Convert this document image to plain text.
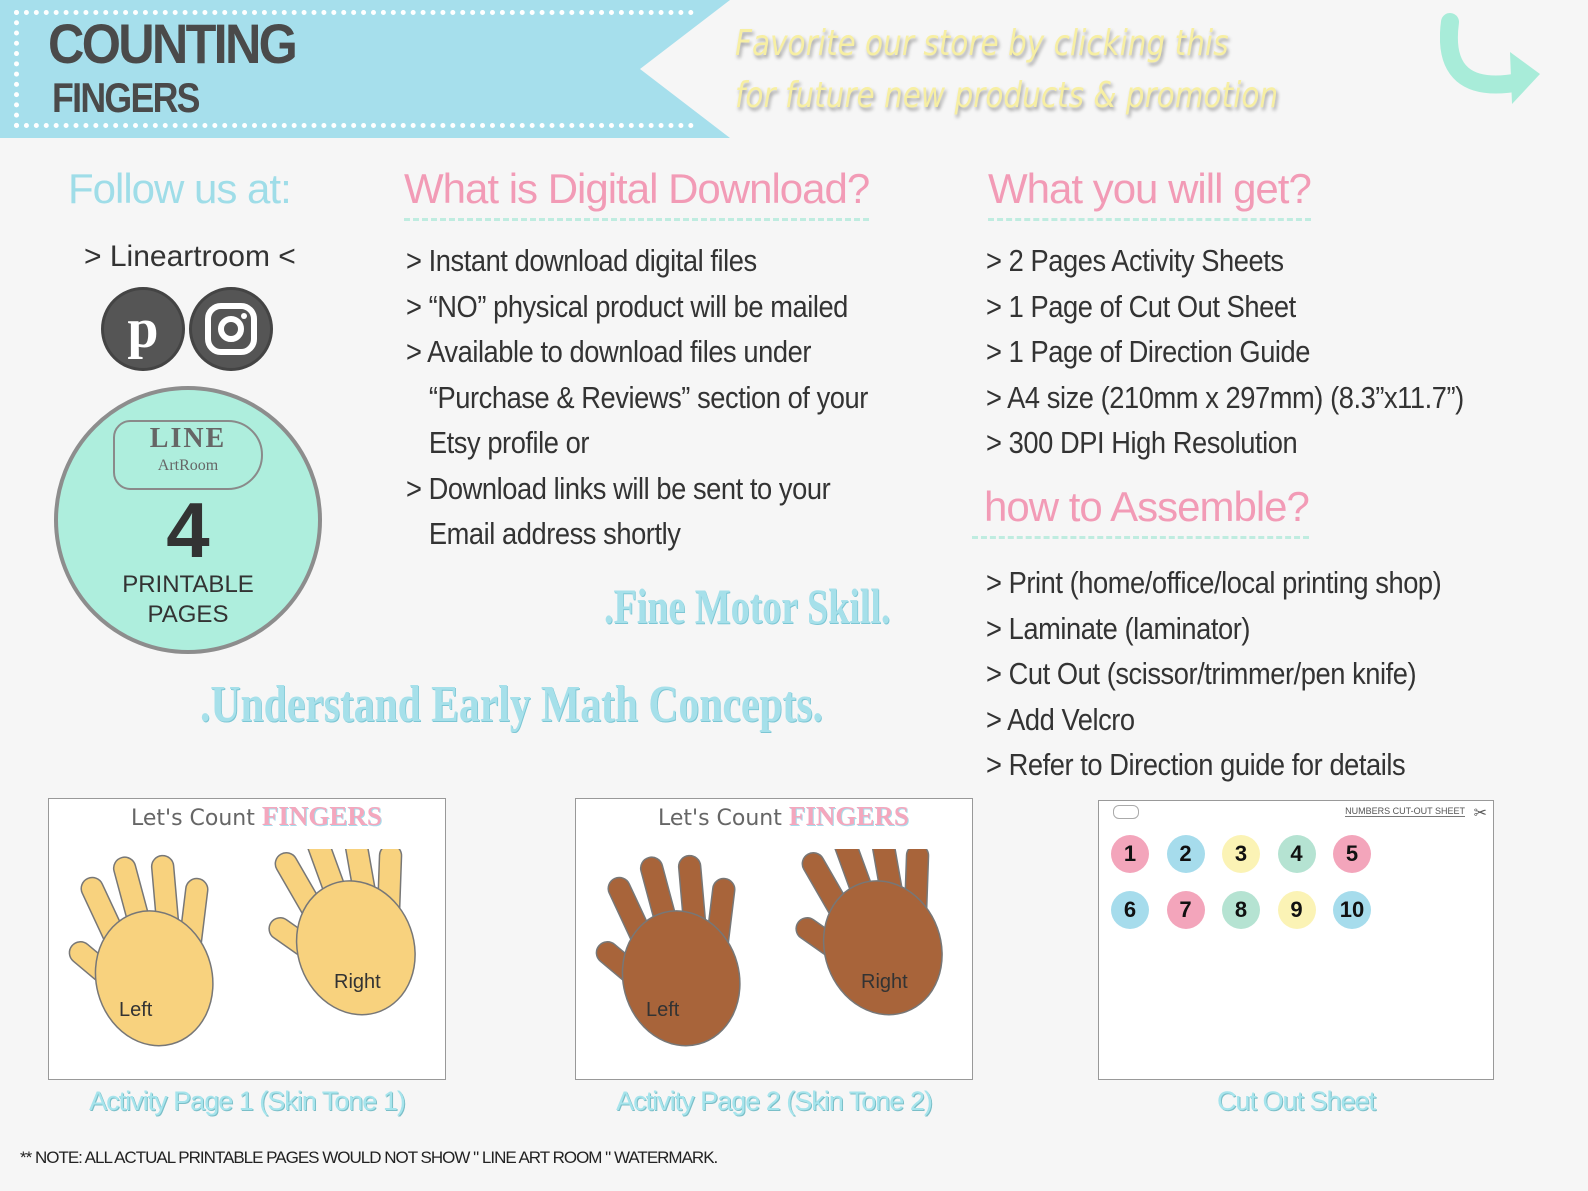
COUNTING
FINGERS
Favorite our store by clicking this
for future new products & promotion
Follow us at:
> Lineartroom <
p
LINE
ArtRoom
4
PRINTABLE
PAGES
What is Digital Download?
> Instant download digital files
> “NO” physical product will be mailed
> Available to download files under
“Purchase & Reviews” section of your
Etsy profile or
> Download links will be sent to your
Email address shortly
.Fine Motor Skill.
.Understand Early Math Concepts.
What you will get?
> 2 Pages Activity Sheets
> 1 Page of Cut Out Sheet
> 1 Page of Direction Guide
> A4 size (210mm x 297mm) (8.3”x11.7”)
> 300 DPI High Resolution
how to Assemble?
> Print (home/office/local printing shop)
> Laminate (laminator)
> Cut Out (scissor/trimmer/pen knife)
> Add Velcro
> Refer to Direction guide for details
Let's Count FINGERS
Left
Right
Activity Page 1 (Skin Tone 1)
Let's Count FINGERS
Left
Right
Activity Page 2 (Skin Tone 2)
NUMBERS CUT-OUT SHEET ✂
1	2	3	4	5
6	7	8	9	10
Cut Out Sheet
** NOTE: ALL ACTUAL PRINTABLE PAGES WOULD NOT SHOW " LINE ART ROOM " WATERMARK.
